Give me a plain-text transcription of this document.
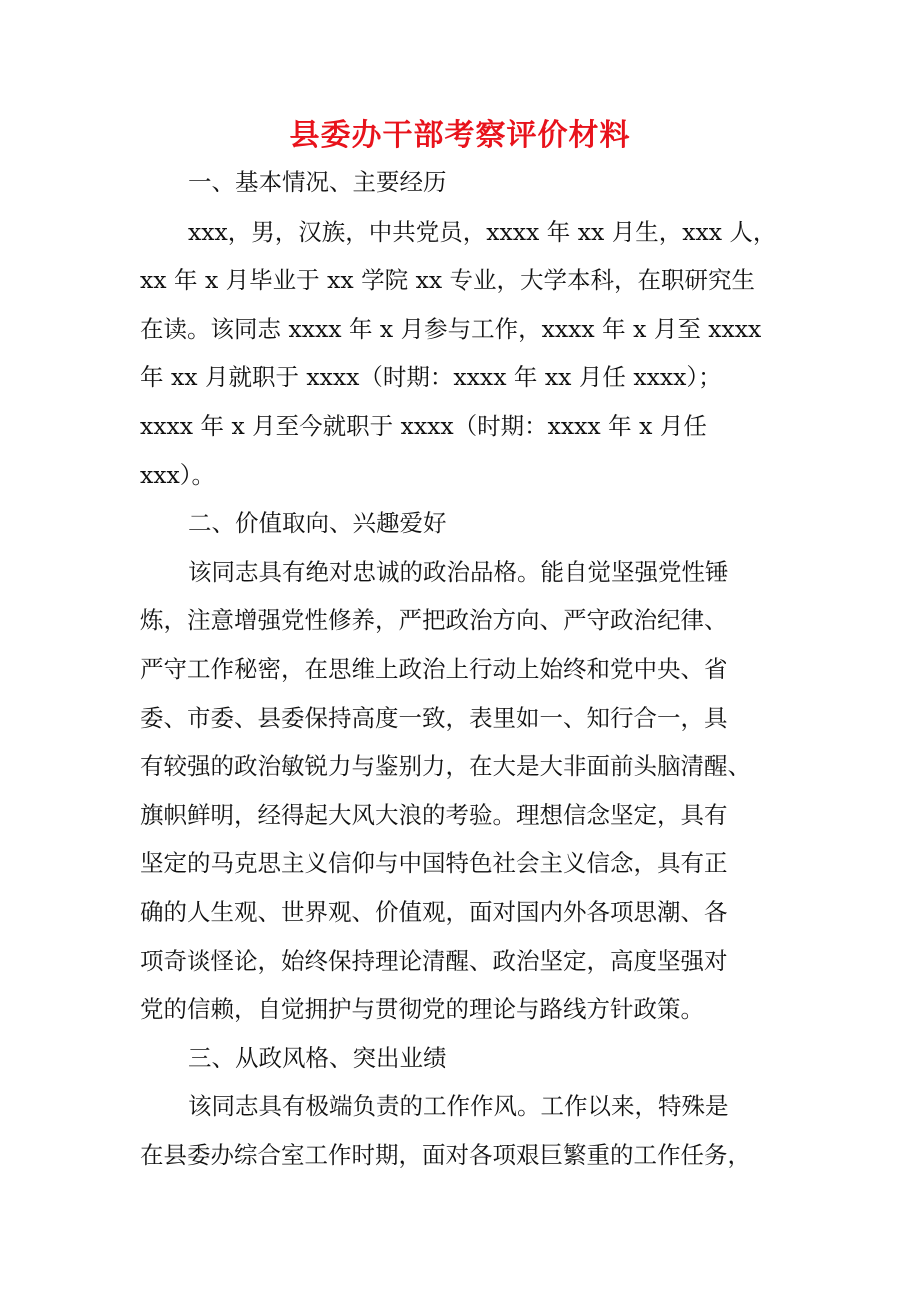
县委办干部考察评价材料
一、基本情况、主要经历
xxx，男，汉族，中共党员，xxxx 年 xx 月生，xxx 人，
xx 年 x 月毕业于 xx 学院 xx 专业，大学本科，在职研究生
在读。该同志 xxxx 年 x 月参与工作，xxxx 年 x 月至 xxxx
年 xx 月就职于 xxxx（时期：xxxx 年 xx 月任 xxxx）；
xxxx 年 x 月至今就职于 xxxx（时期：xxxx 年 x 月任
xxx）。
二、价值取向、兴趣爱好
该同志具有绝对忠诚的政治品格。能自觉坚强党性锤
炼，注意增强党性修养，严把政治方向、严守政治纪律、
严守工作秘密，在思维上政治上行动上始终和党中央、省
委、市委、县委保持高度一致，表里如一、知行合一，具
有较强的政治敏锐力与鉴别力，在大是大非面前头脑清醒、
旗帜鲜明，经得起大风大浪的考验。理想信念坚定，具有
坚定的马克思主义信仰与中国特色社会主义信念，具有正
确的人生观、世界观、价值观，面对国内外各项思潮、各
项奇谈怪论，始终保持理论清醒、政治坚定，高度坚强对
党的信赖，自觉拥护与贯彻党的理论与路线方针政策。
三、从政风格、突出业绩
该同志具有极端负责的工作作风。工作以来，特殊是
在县委办综合室工作时期，面对各项艰巨繁重的工作任务，
